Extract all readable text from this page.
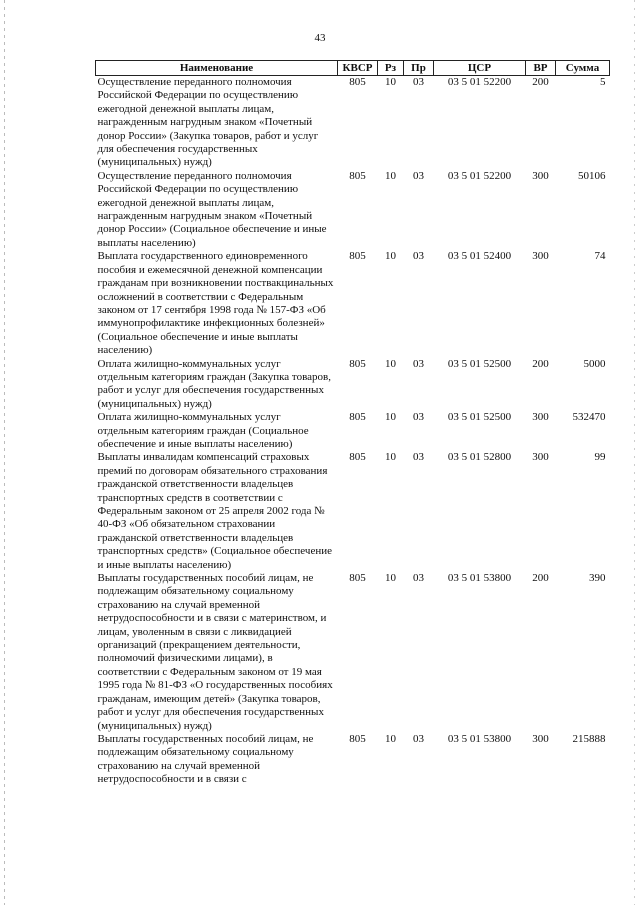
43
Наименование	КВСР	Рз	Пр	ЦСР	ВР	Сумма
Осуществление переданного полномочия Российской Федерации по осуществлению ежегодной денежной выплаты лицам, награжденным нагрудным знаком «Почетный донор России» (Закупка товаров, работ и услуг для обеспечения государственных (муниципальных) нужд)	805	10	03	03 5 01 52200	200	5
Осуществление переданного полномочия Российской Федерации по осуществлению ежегодной денежной выплаты лицам, награжденным нагрудным знаком «Почетный донор России» (Социальное обеспечение и иные выплаты населению)	805	10	03	03 5 01 52200	300	50106
Выплата государственного единовременного пособия и ежемесячной денежной компенсации гражданам при возникновении поствакцинальных осложнений в соответствии с Федеральным законом от 17 сентября 1998 года № 157-ФЗ «Об иммунопрофилактике инфекционных болезней» (Социальное обеспечение и иные выплаты населению)	805	10	03	03 5 01 52400	300	74
Оплата жилищно-коммунальных услуг отдельным категориям граждан (Закупка товаров, работ и услуг для обеспечения государственных (муниципальных) нужд)	805	10	03	03 5 01 52500	200	5000
Оплата жилищно-коммунальных услуг отдельным категориям граждан (Социальное обеспечение и иные выплаты населению)	805	10	03	03 5 01 52500	300	532470
Выплаты инвалидам компенсаций страховых премий по договорам обязательного страхования гражданской ответственности владельцев транспортных средств в соответствии с Федеральным законом от 25 апреля 2002 года № 40-ФЗ «Об обязательном страховании гражданской ответственности владельцев транспортных средств» (Социальное обеспечение и иные выплаты населению)	805	10	03	03 5 01 52800	300	99
Выплаты государственных пособий лицам, не подлежащим обязательному социальному страхованию на случай временной нетрудоспособности и в связи с материнством, и лицам, уволенным в связи с ликвидацией организаций (прекращением деятельности, полномочий физическими лицами), в соответствии с Федеральным законом от 19 мая 1995 года № 81-ФЗ «О государственных пособиях гражданам, имеющим детей» (Закупка товаров, работ и услуг для обеспечения государственных (муниципальных) нужд)	805	10	03	03 5 01 53800	200	390
Выплаты государственных пособий лицам, не подлежащим обязательному социальному страхованию на случай временной нетрудоспособности и в связи с	805	10	03	03 5 01 53800	300	215888
